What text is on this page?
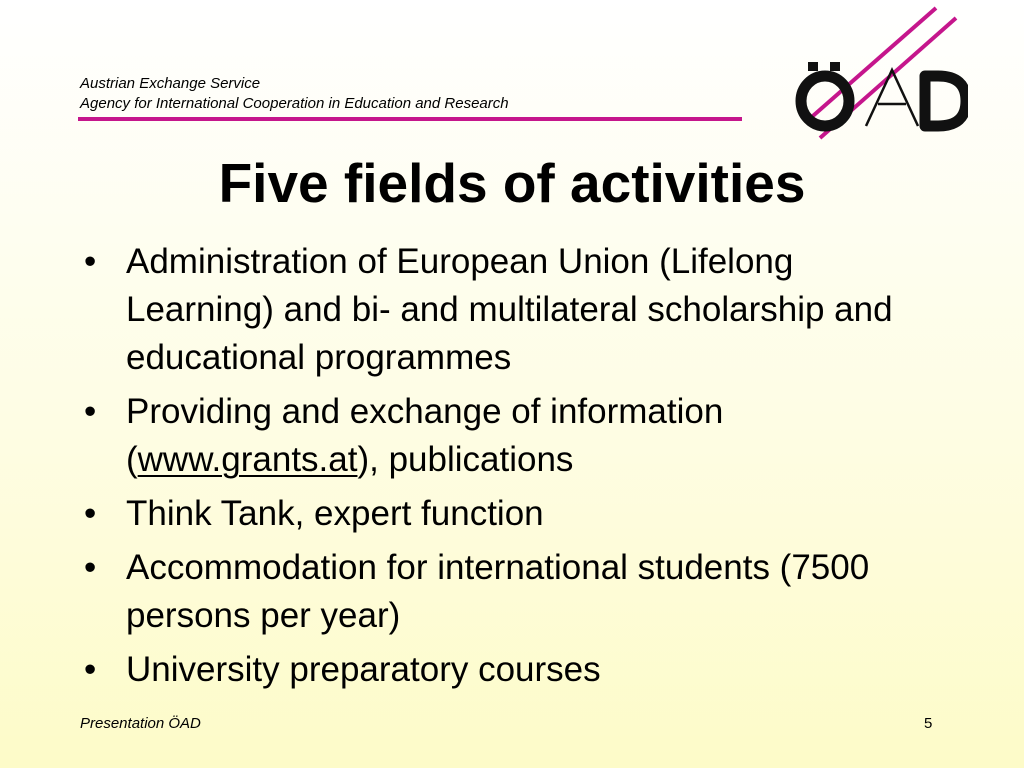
Austrian Exchange Service
Agency for International Cooperation in Education and Research
Five fields of activities
• Administration of European Union (Lifelong Learning) and bi- and multilateral scholarship and educational programmes
• Providing and exchange of information (www.grants.at), publications
• Think Tank, expert function
• Accommodation for international students (7500 persons per year)
• University preparatory courses
Presentation ÖAD	5
